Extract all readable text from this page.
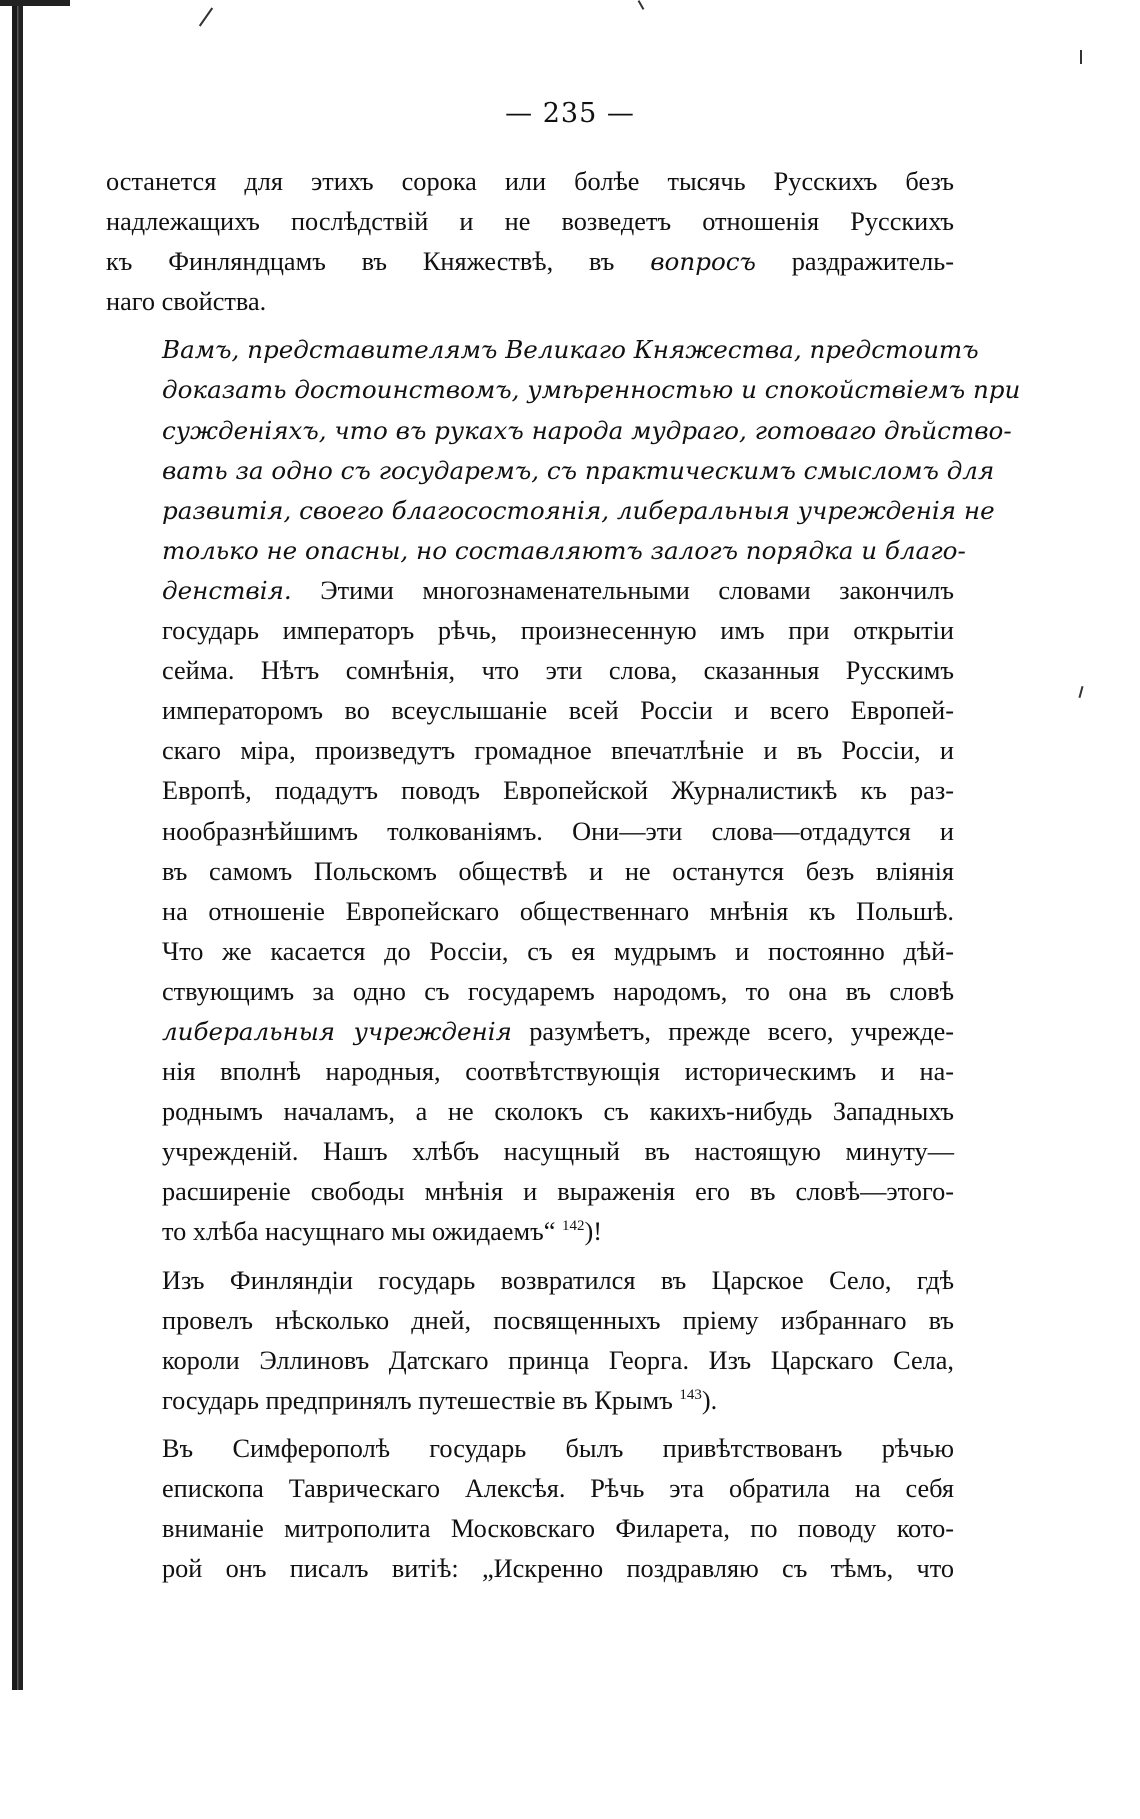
— 235 —

останется для этихъ сорока или болѣе тысячь Русскихъ безъ
надлежащихъ послѣдствій и не возведетъ отношенія Русскихъ
къ Финляндцамъ въ Княжествѣ, въ вопросъ раздражитель-
наго свойства.

Вамъ, представителямъ Великаго Княжества, предстоитъ
доказать достоинствомъ, умѣренностью и спокойствіемъ при
сужденіяхъ, что въ рукахъ народа мудраго, готоваго дѣйство-
вать за одно съ государемъ, съ практическимъ смысломъ для
развитія, своего благосостоянія, либеральныя учрежденія не
только не опасны, но составляютъ залогъ порядка и благо-
денствія. Этими многознаменательными словами закончилъ
государь императоръ рѣчь, произнесенную имъ при открытіи
сейма. Нѣтъ сомнѣнія, что эти слова, сказанныя Русскимъ
императоромъ во всеуслышаніе всей Россіи и всего Европей-
скаго міра, произведутъ громадное впечатлѣніе и въ Россіи, и
Европѣ, подадутъ поводъ Европейской Журналистикѣ къ раз-
нообразнѣйшимъ толкованіямъ. Они—эти слова—отдадутся и
въ самомъ Польскомъ обществѣ и не останутся безъ вліянія
на отношеніе Европейскаго общественнаго мнѣнія къ Польшѣ.
Что же касается до Россіи, съ ея мудрымъ и постоянно дѣй-
ствующимъ за одно съ государемъ народомъ, то она въ словѣ
либеральныя учрежденія разумѣетъ, прежде всего, учрежде-
нія вполнѣ народныя, соотвѣтствующія историческимъ и на-
роднымъ началамъ, а не сколокъ съ какихъ-нибудь Западныхъ
учрежденій. Нашъ хлѣбъ насущный въ настоящую минуту—
расширеніе свободы мнѣнія и выраженія его въ словѣ—этого-
то хлѣба насущнаго мы ожидаемъ“ $^{142}$)!

Изъ Финляндіи государь возвратился въ Царское Село, гдѣ
провелъ нѣсколько дней, посвященныхъ пріему избраннаго въ
короли Эллиновъ Датскаго принца Георга. Изъ Царскаго Села,
государь предпринялъ путешествіе въ Крымъ $^{143}$).

Въ Симферополѣ государь былъ привѣтствованъ рѣчью
епископа Таврическаго Алексѣя. Рѣчь эта обратила на себя
вниманіе митрополита Московскаго Филарета, по поводу кото-
рой онъ писалъ витіѣ: „Искренно поздравляю съ тѣмъ, что
